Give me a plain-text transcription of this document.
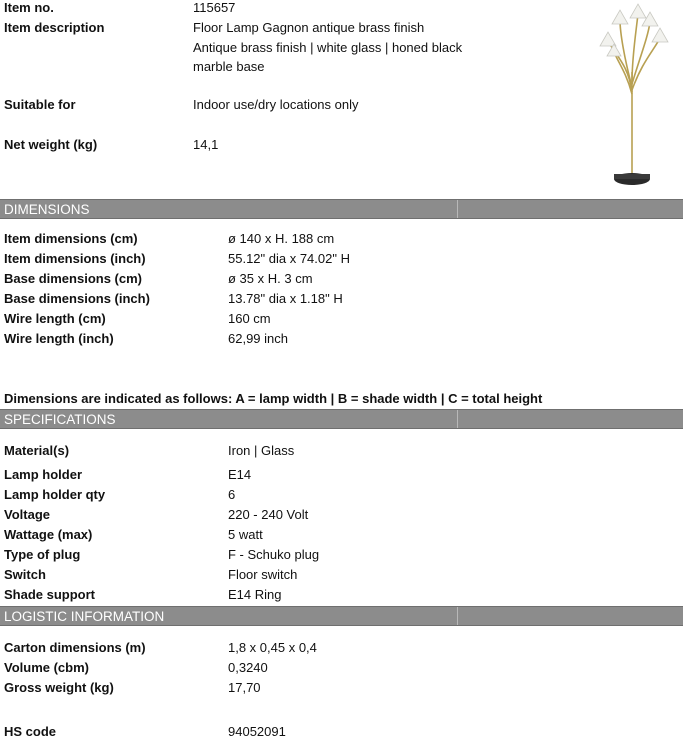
Item no.	115657
Item description	Floor Lamp Gagnon antique brass finish
Antique brass finish | white glass | honed black
marble base
Suitable for	Indoor use/dry locations only
Net weight (kg)	14,1
DIMENSIONS
Item dimensions (cm)	ø 140 x H. 188 cm
Item dimensions (inch)	55.12" dia x 74.02" H
Base dimensions (cm)	ø 35 x H. 3 cm
Base dimensions (inch)	13.78" dia x 1.18" H
Wire length (cm)	160 cm
Wire length (inch)	62,99 inch
Dimensions are indicated as follows: A = lamp width | B = shade width | C = total height
SPECIFICATIONS
Material(s)	Iron | Glass
Lamp holder	E14
Lamp holder qty	6
Voltage	220 - 240 Volt
Wattage (max)	5 watt
Type of plug	F - Schuko plug
Switch	Floor switch
Shade support	E14 Ring
LOGISTIC INFORMATION
Carton dimensions (m)	1,8 x 0,45 x 0,4
Volume (cbm)	0,3240
Gross weight (kg)	17,70
HS code	94052091
